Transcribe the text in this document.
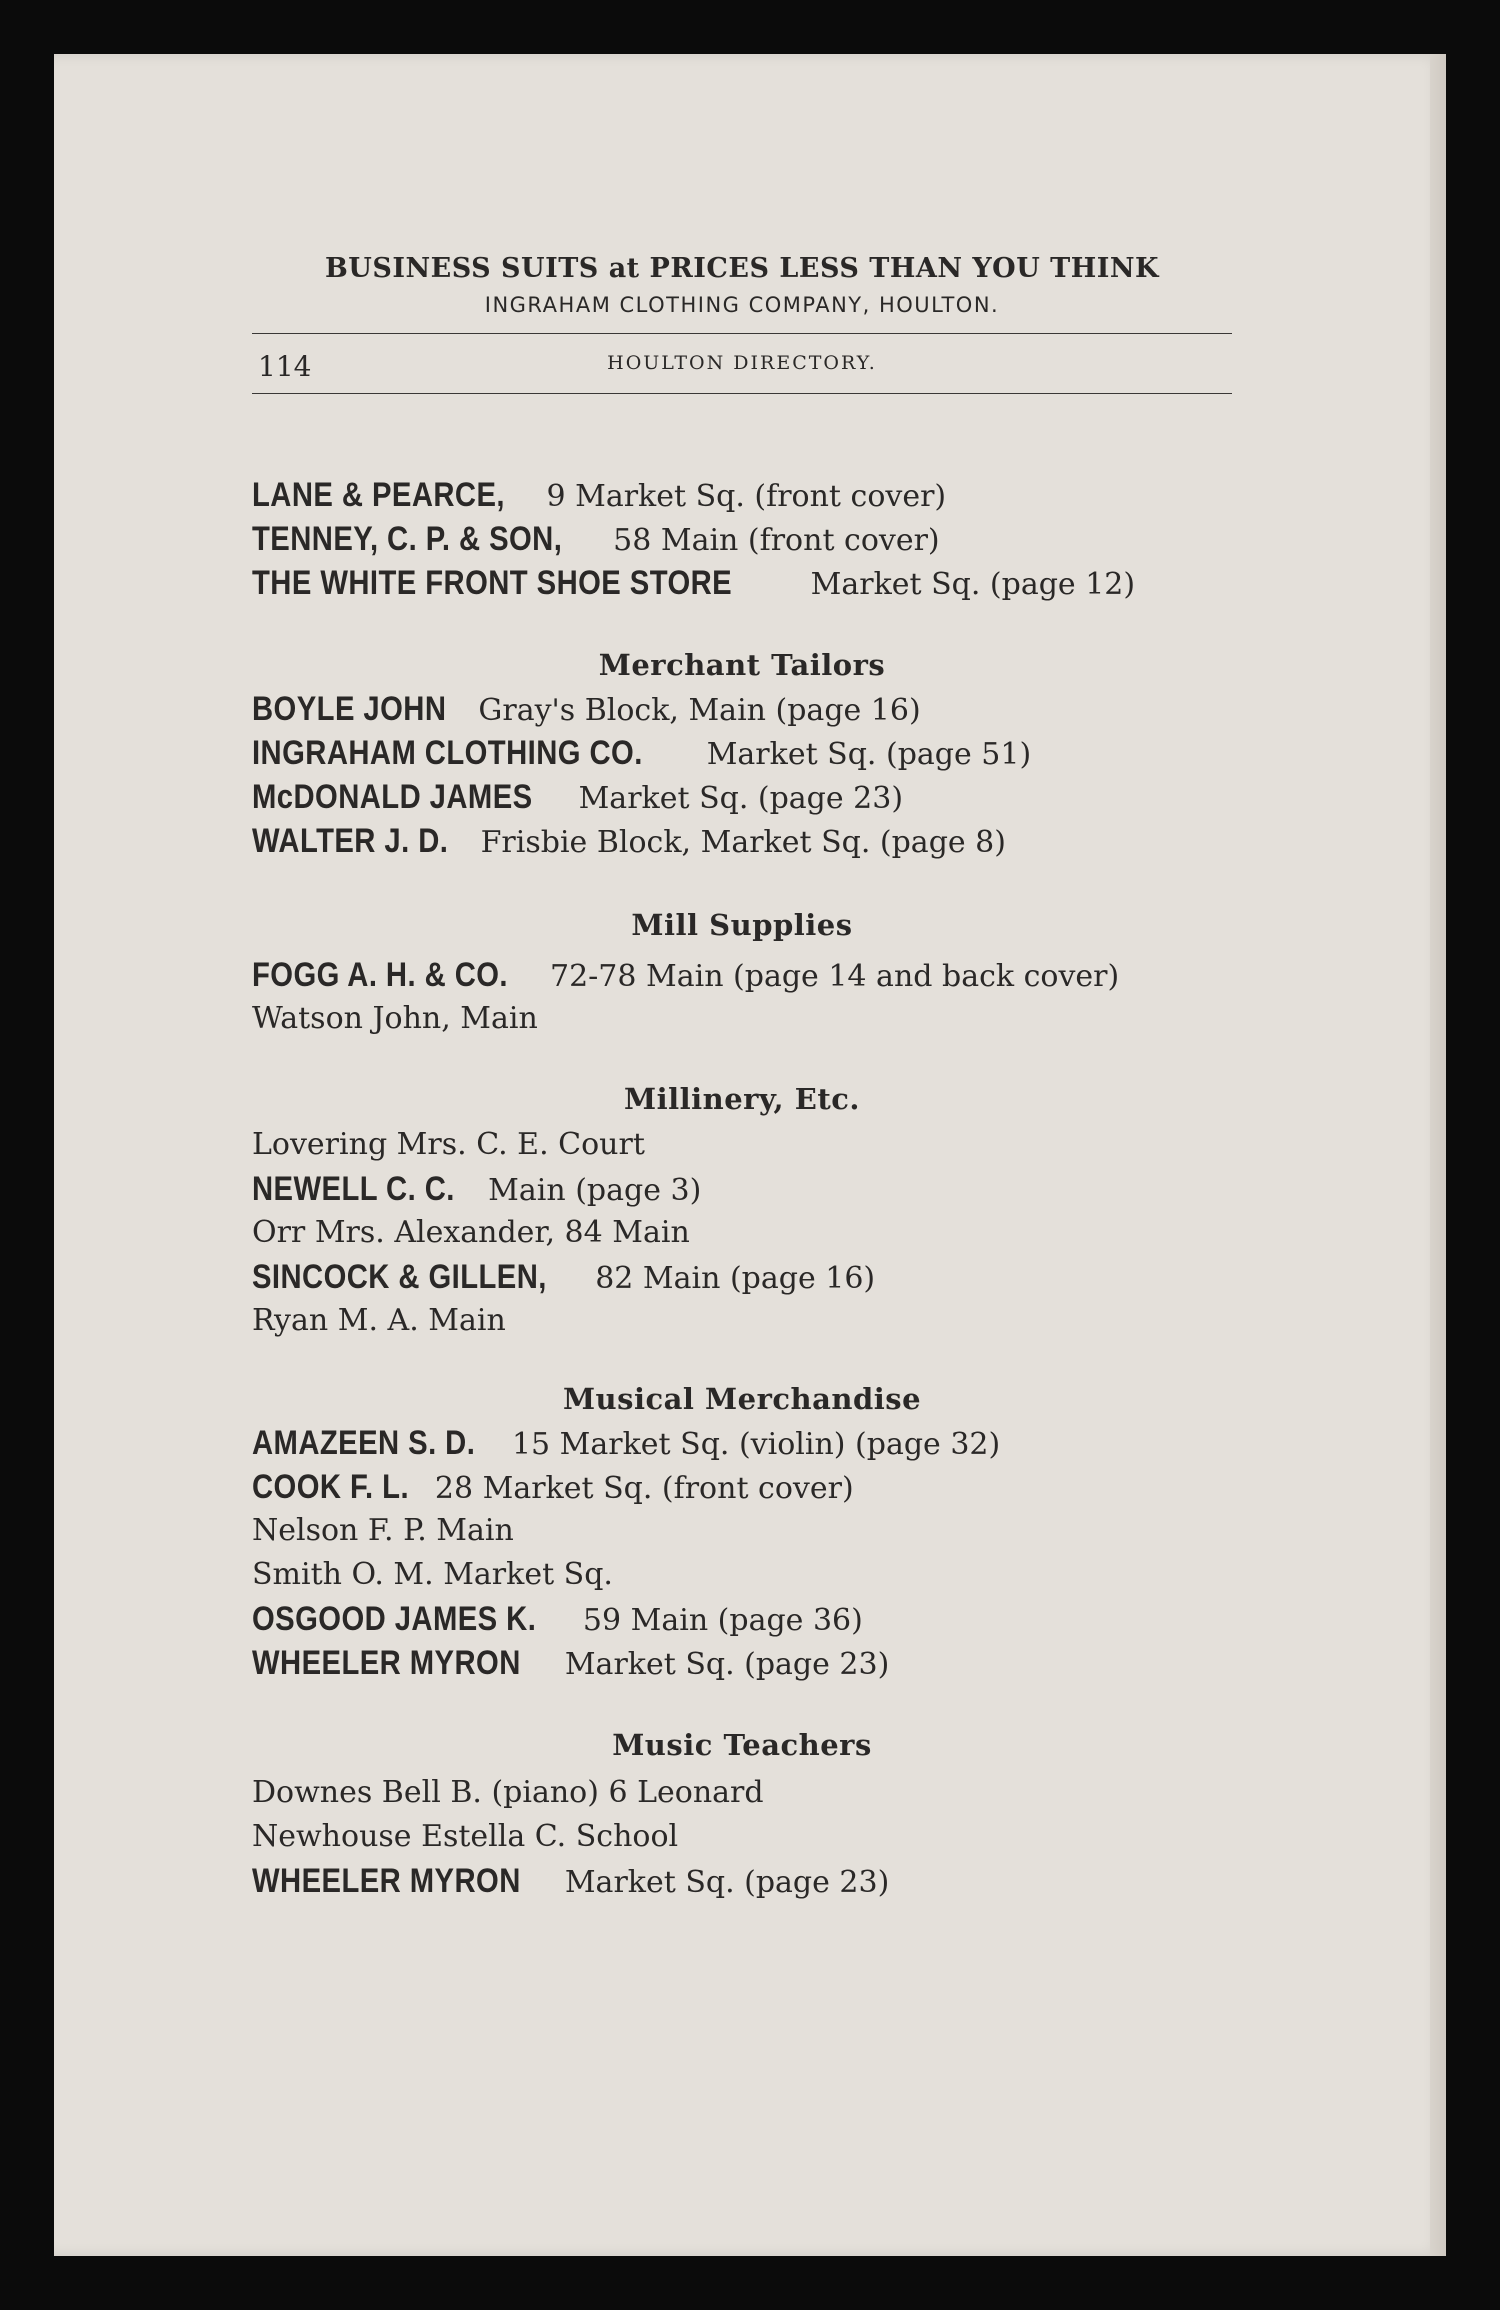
BUSINESS SUITS at PRICES LESS THAN YOU THINK
INGRAHAM CLOTHING COMPANY, HOULTON.
114	HOULTON DIRECTORY.
LANE & PEARCE, 9 Market Sq. (front cover)
TENNEY, C. P. & SON, 58 Main (front cover)
THE WHITE FRONT SHOE STORE	Market Sq. (page 12)
Merchant Tailors
BOYLE JOHN Gray's Block, Main (page 16)
INGRAHAM CLOTHING CO. Market Sq. (page 51)
McDONALD JAMES Market Sq. (page 23)
WALTER J. D. Frisbie Block, Market Sq. (page 8)
Mill Supplies
FOGG A. H. & CO. 72-78 Main (page 14 and back cover)
Watson John, Main
Millinery, Etc.
Lovering Mrs. C. E. Court
NEWELL C. C. Main (page 3)
Orr Mrs. Alexander, 84 Main
SINCOCK & GILLEN, 82 Main (page 16)
Ryan M. A. Main
Musical Merchandise
AMAZEEN S. D. 15 Market Sq. (violin) (page 32)
COOK F. L. 28 Market Sq. (front cover)
Nelson F. P. Main
Smith O. M. Market Sq.
OSGOOD JAMES K. 59 Main (page 36)
WHEELER MYRON Market Sq. (page 23)
Music Teachers
Downes Bell B. (piano) 6 Leonard
Newhouse Estella C. School
WHEELER MYRON Market Sq. (page 23)
